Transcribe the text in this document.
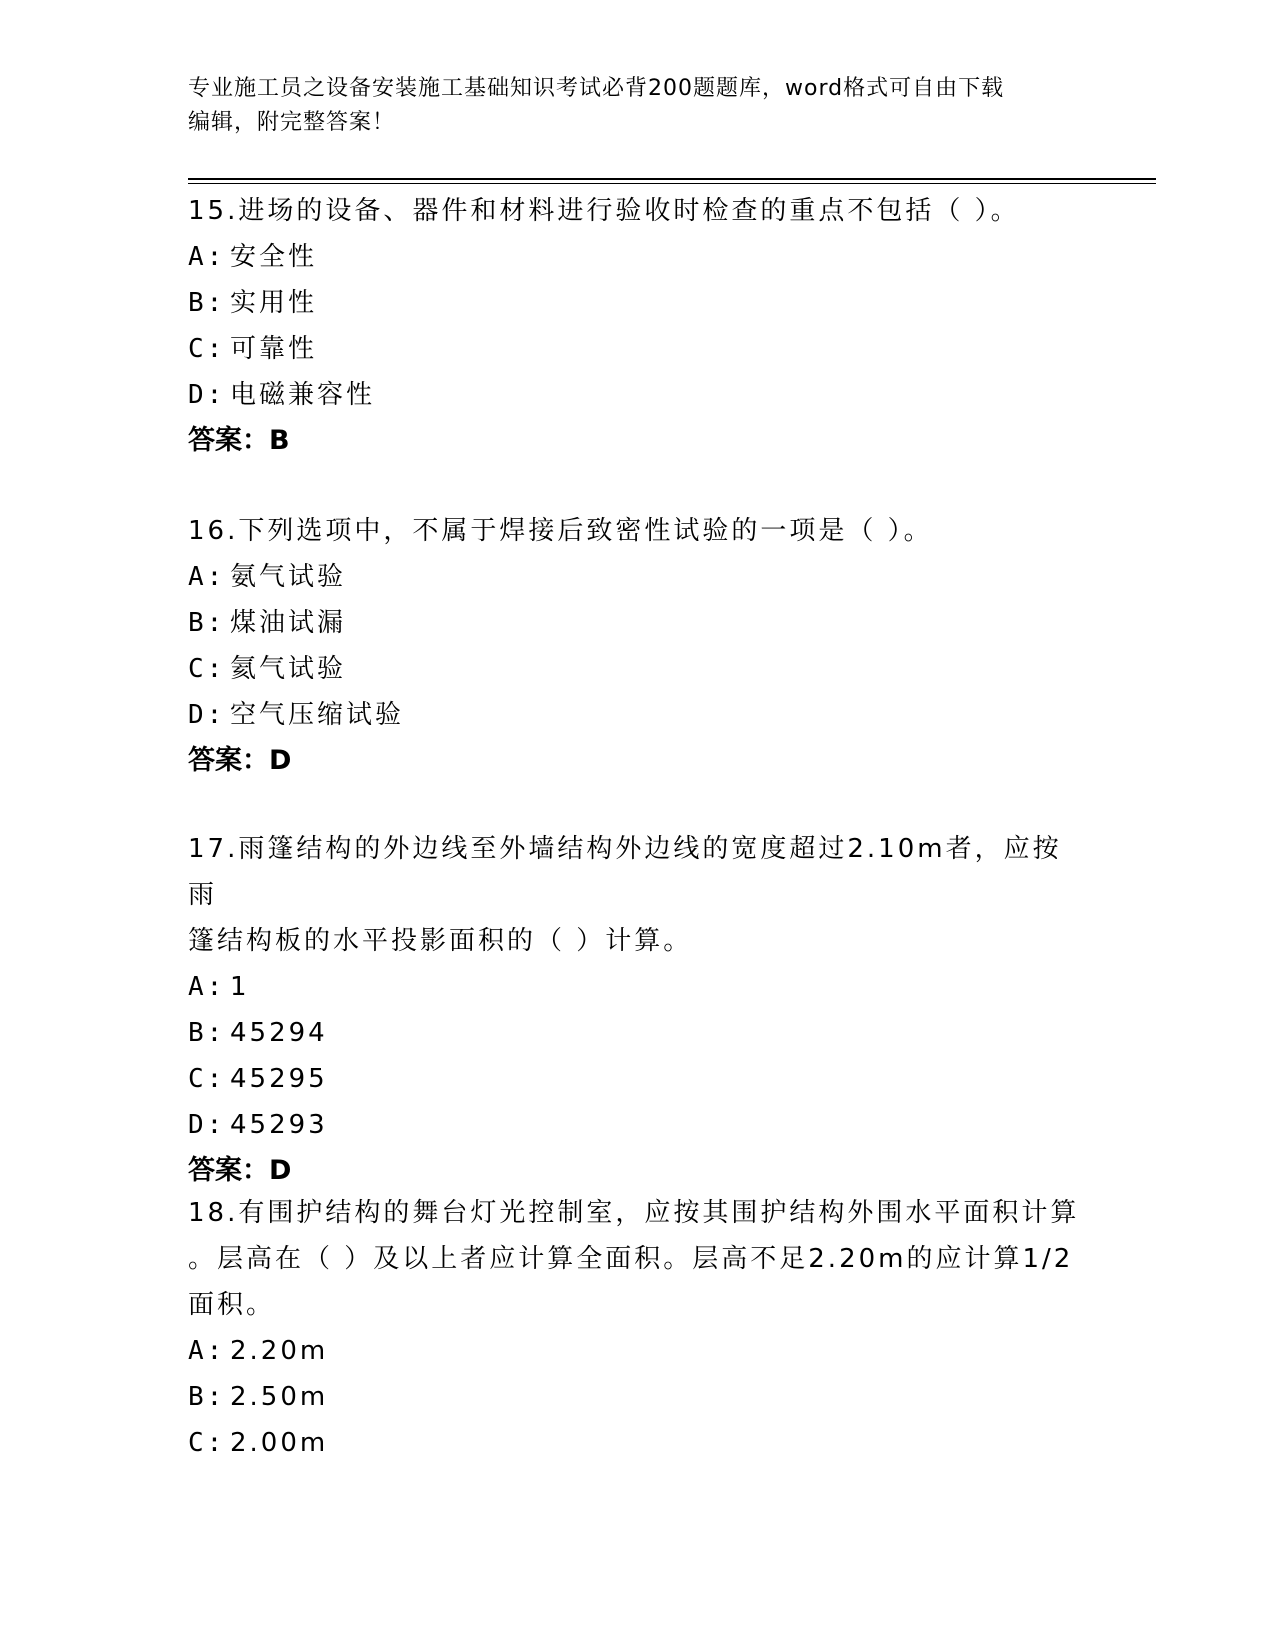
专业施工员之设备安装施工基础知识考试必背200题题库，word格式可自由下载
编辑，附完整答案！

15.进场的设备、器件和材料进行验收时检查的重点不包括（ ）。

A: 安全性

B: 实用性

C: 可靠性

D: 电磁兼容性

答案：B

16.下列选项中，不属于焊接后致密性试验的一项是（ ）。

A: 氨气试验

B: 煤油试漏

C: 氦气试验

D: 空气压缩试验

答案：D

17.雨篷结构的外边线至外墙结构外边线的宽度超过2.10m者，应按雨

篷结构板的水平投影面积的（ ）计算。

A: 1

B: 45294

C: 45295

D: 45293

答案：D

18.有围护结构的舞台灯光控制室，应按其围护结构外围水平面积计算

。层高在（ ）及以上者应计算全面积。层高不足2.20m的应计算1/2

面积。

A: 2.20m

B: 2.50m

C: 2.00m
